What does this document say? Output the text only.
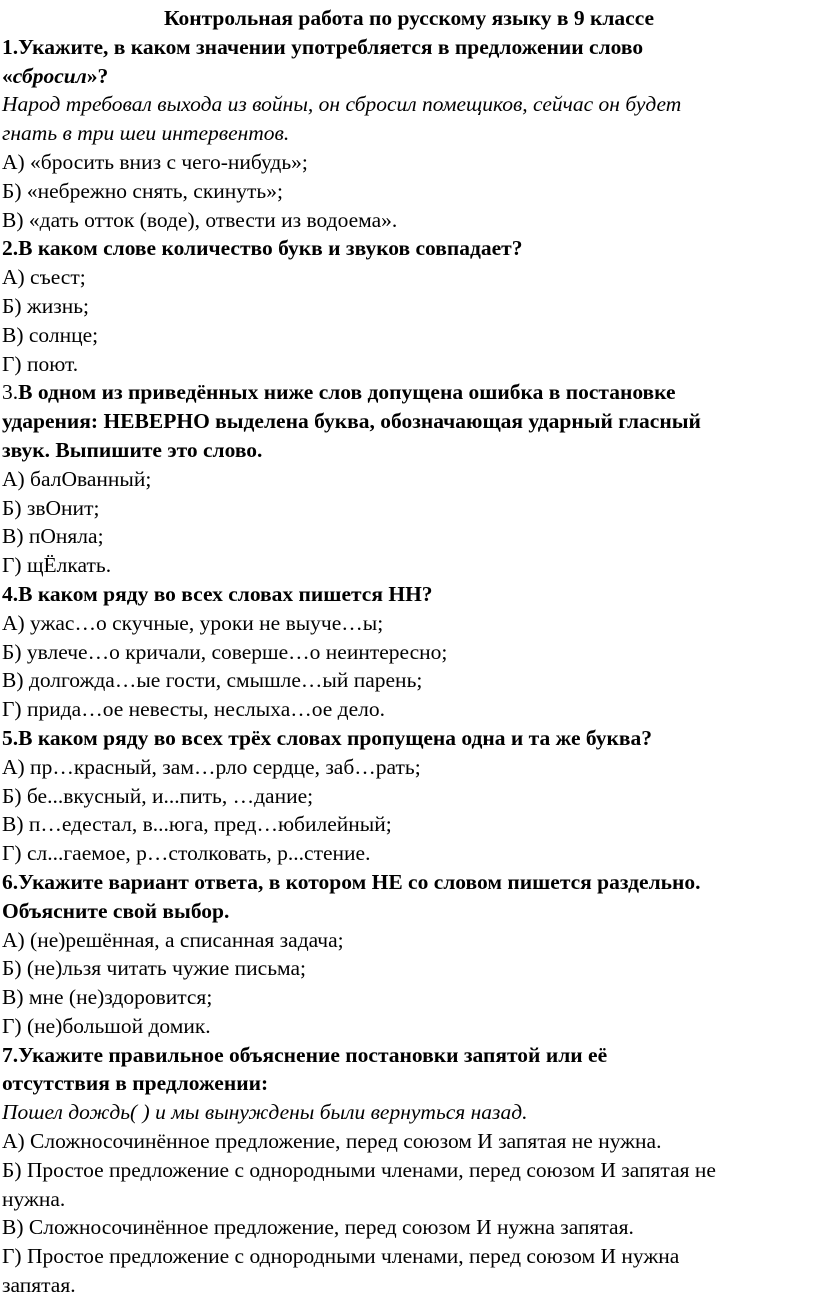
Контрольная работа по русскому языку в 9 классе
1.Укажите, в каком значении употребляется в предложении слово
«сбросил»?
Народ требовал выхода из войны, он сбросил помещиков, сейчас он будет
гнать в три шеи интервентов.
А) «бросить вниз с чего-нибудь»;
Б) «небрежно снять, скинуть»;
В) «дать отток (воде), отвести из водоема».
2.В каком слове количество букв и звуков совпадает?
А) съест;
Б) жизнь;
В) солнце;
Г) поют.
3.В одном из приведённых ниже слов допущена ошибка в постановке
ударения: НЕВЕРНО выделена буква, обозначающая ударный гласный
звук. Выпишите это слово.
А) балОванный;
Б) звОнит;
В) пОняла;
Г) щЁлкать.
4.В каком ряду во всех словах пишется НН?
А) ужас…о скучные, уроки не выуче…ы;
Б) увлече…о кричали, соверше…о неинтересно;
В) долгожда…ые гости, смышле…ый парень;
Г) прида…ое невесты, неслыха…ое дело.
5.В каком ряду во всех трёх словах пропущена одна и та же буква?
А) пр…красный, зам…рло сердце, заб…рать;
Б) бе...вкусный, и...пить, …дание;
В) п…едестал, в...юга, пред…юбилейный;
Г) сл...гаемое, р…столковать, р...стение.
6.Укажите вариант ответа, в котором НЕ со словом пишется раздельно.
Объясните свой выбор.
А) (не)решённая, а списанная задача;
Б) (не)льзя читать чужие письма;
В) мне (не)здоровится;
Г) (не)большой домик.
7.Укажите правильное объяснение постановки запятой или её
отсутствия в предложении:
Пошел дождь( ) и мы вынуждены были вернуться назад.
А) Сложносочинённое предложение, перед союзом И запятая не нужна.
Б) Простое предложение с однородными членами, перед союзом И запятая не
нужна.
В) Сложносочинённое предложение, перед союзом И нужна запятая.
Г) Простое предложение с однородными членами, перед союзом И нужна
запятая.
